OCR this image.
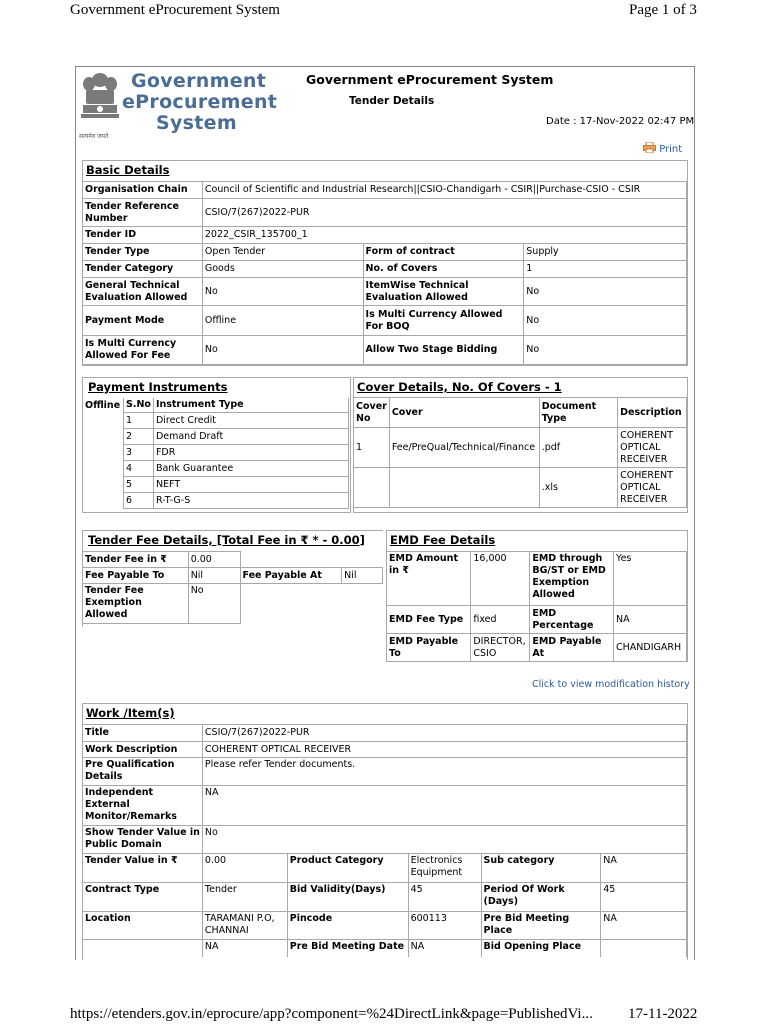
Government eProcurement System	Page 1 of 3
https://etenders.gov.in/eprocure/app?component=%24DirectLink&page=PublishedVi... 17-11-2022
सत्यमेव जयते
Government
eProcurement
System
Government eProcurement System
Tender Details
Date : 17-Nov-2022 02:47 PM
Print
Basic Details
Organisation Chain	Council of Scientific and Industrial Research||CSIO-Chandigarh - CSIR||Purchase-CSIO - CSIR		
Tender Reference Number	CSIO/7(267)2022-PUR		
Tender ID	2022_CSIR_135700_1		
Tender Type	Open Tender	Form of contract	Supply
Tender Category	Goods	No. of Covers	1
General Technical Evaluation Allowed	No	ItemWise Technical Evaluation Allowed	No
Payment Mode	Offline	Is Multi Currency Allowed For BOQ	No
Is Multi Currency Allowed For Fee	No	Allow Two Stage Bidding	No
Payment Instruments
Offline S.No	Instrument Type
1	Direct Credit
2	Demand Draft
3	FDR
4	Bank Guarantee
5	NEFT
6	R-T-G-S
Cover Details, No. Of Covers - 1
Cover No	Cover	Document Type	Description
1	Fee/PreQual/Technical/Finance	.pdf	COHERENT OPTICAL RECEIVER
		.xls	COHERENT OPTICAL RECEIVER
Tender Fee Details, [Total Fee in ₹ * - 0.00]
Tender Fee in ₹	0.00		
Fee Payable To	Nil	Fee Payable At	Nil
Tender Fee Exemption Allowed	No		
EMD Fee Details
EMD Amount in ₹	16,000	EMD through BG/ST or EMD Exemption Allowed	Yes
EMD Fee Type	fixed	EMD Percentage	NA
EMD Payable To	DIRECTOR, CSIO	EMD Payable At	CHANDIGARH
Click to view modification history
Work /Item(s)
Title	CSIO/7(267)2022-PUR				
Work Description	COHERENT OPTICAL RECEIVER				
Pre Qualification Details	Please refer Tender documents.				
Independent External Monitor/Remarks	NA				
Show Tender Value in Public Domain	No				
Tender Value in ₹	0.00	Product Category	Electronics Equipment	Sub category	NA
Contract Type	Tender	Bid Validity(Days)	45	Period Of Work (Days)	45
Location	TARAMANI P.O, CHANNAI	Pincode	600113	Pre Bid Meeting Place	NA
	NA	Pre Bid Meeting Date	NA	Bid Opening Place	
